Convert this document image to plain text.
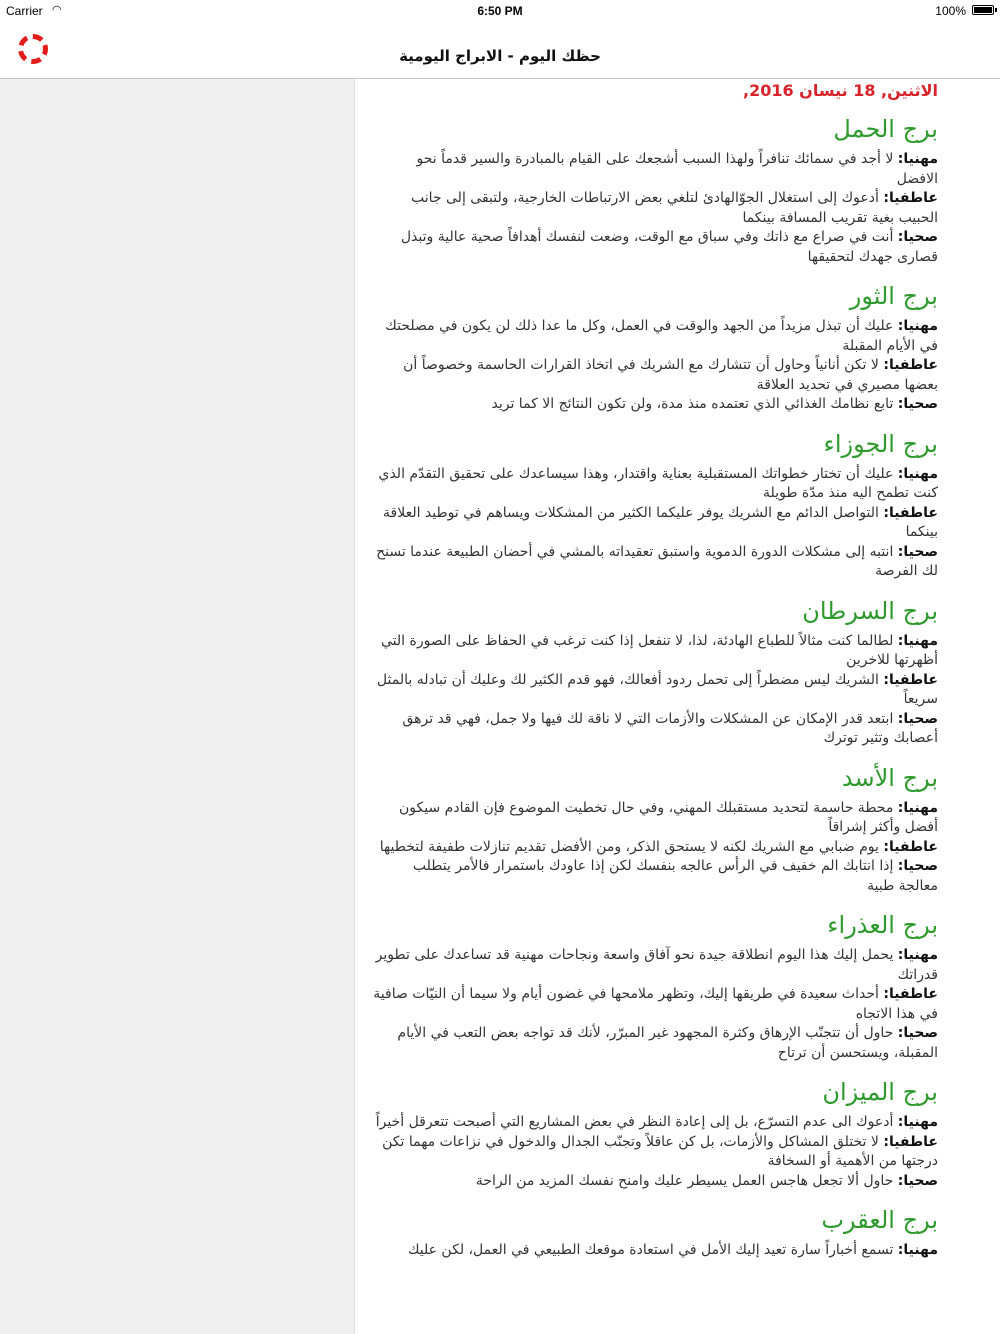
Carrier ◠	6:50 PM	100%
حظك اليوم - الابراج اليومية
الاثنين, 18 نيسان 2016,
برج الحمل

مهنيا: لا أجد في سمائك تنافراً ولهذا السبب أشجعك على القيام بالمبادرة والسير قدماً نحو الافضل

عاطفيا: أدعوك إلى استغلال الجوّالهادئ لتلغي بعض الارتباطات الخارجية، ولتبقى إلى جانب الحبيب بغية تقريب المسافة بينكما

صحيا: أنت في صراع مع ذاتك وفي سباق مع الوقت، وضعت لنفسك أهدافاً صحية عالية وتبذل قصارى جهدك لتحقيقها

برج الثور

مهنيا: عليك أن تبذل مزيداً من الجهد والوقت في العمل، وكل ما عدا ذلك لن يكون في مصلحتك في الأيام المقبلة

عاطفيا: لا تكن أنانياً وحاول أن تتشارك مع الشريك في اتخاذ القرارات الحاسمة وخصوصاً أن بعضها مصيري في تحديد العلاقة

صحيا: تابع نظامك الغذائي الذي تعتمده منذ مدة، ولن تكون النتائج الا كما تريد

برج الجوزاء

مهنيا: عليك أن تختار خطواتك المستقبلية بعناية واقتدار، وهذا سيساعدك على تحقيق التقدّم الذي كنت تطمح اليه منذ مدّة طويلة

عاطفيا: التواصل الدائم مع الشريك يوفر عليكما الكثير من المشكلات ويساهم في توطيد العلاقة بينكما

صحيا: انتبه إلى مشكلات الدورة الدموية واستبق تعقيداته بالمشي في أحضان الطبيعة عندما تسنح لك الفرصة

برج السرطان

مهنيا: لطالما كنت مثالاً للطباع الهادئة، لذا، لا تنفعل إذا كنت ترغب في الحفاظ على الصورة التي أظهرتها للاخرين

عاطفيا: الشريك ليس مضطراً إلى تحمل ردود أفعالك، فهو قدم الكثير لك وعليك أن تبادله بالمثل سريعاً

صحيا: ابتعد قدر الإمكان عن المشكلات والأزمات التي لا ناقة لك فيها ولا جمل، فهي قد ترهق أعصابك وتثير توترك

برج الأسد

مهنيا: محطة حاسمة لتحديد مستقبلك المهني، وفي حال تخطيت الموضوع فإن القادم سيكون أفضل وأكثر إشراقاً

عاطفيا: يوم ضبابي مع الشريك لكنه لا يستحق الذكر، ومن الأفضل تقديم تنازلات طفيفة لتخطيها

صحيا: إذا انتابك الم خفيف في الرأس عالجه بنفسك لكن إذا عاودك باستمرار فالأمر يتطلب معالجة طبية

برج العذراء

مهنيا: يحمل إليك هذا اليوم انطلاقة جيدة نحو آفاق واسعة ونجاحات مهنية قد تساعدك على تطوير قدراتك

عاطفيا: أحداث سعيدة في طريقها إليك، وتظهر ملامحها في غضون أيام ولا سيما أن النيّات صافية في هذا الاتجاه

صحيا: حاول أن تتجنّب الإرهاق وكثرة المجهود غير المبرّر، لأنك قد تواجه بعض التعب في الأيام المقبلة، ويستحسن أن ترتاح

برج الميزان

مهنيا: أدعوك الى عدم التسرّع، بل إلى إعادة النظر في بعض المشاريع التي أصبحت تتعرقل أخيراً

عاطفيا: لا تختلق المشاكل والأزمات، بل كن عاقلاً وتجنّب الجدال والدخول في نزاعات مهما تكن درجتها من الأهمية أو السخافة

صحيا: حاول ألا تجعل هاجس العمل يسيطر عليك وامنح نفسك المزيد من الراحة

برج العقرب

مهنيا: تسمع أخباراً سارة تعيد إليك الأمل في استعادة موقعك الطبيعي في العمل، لكن عليك
